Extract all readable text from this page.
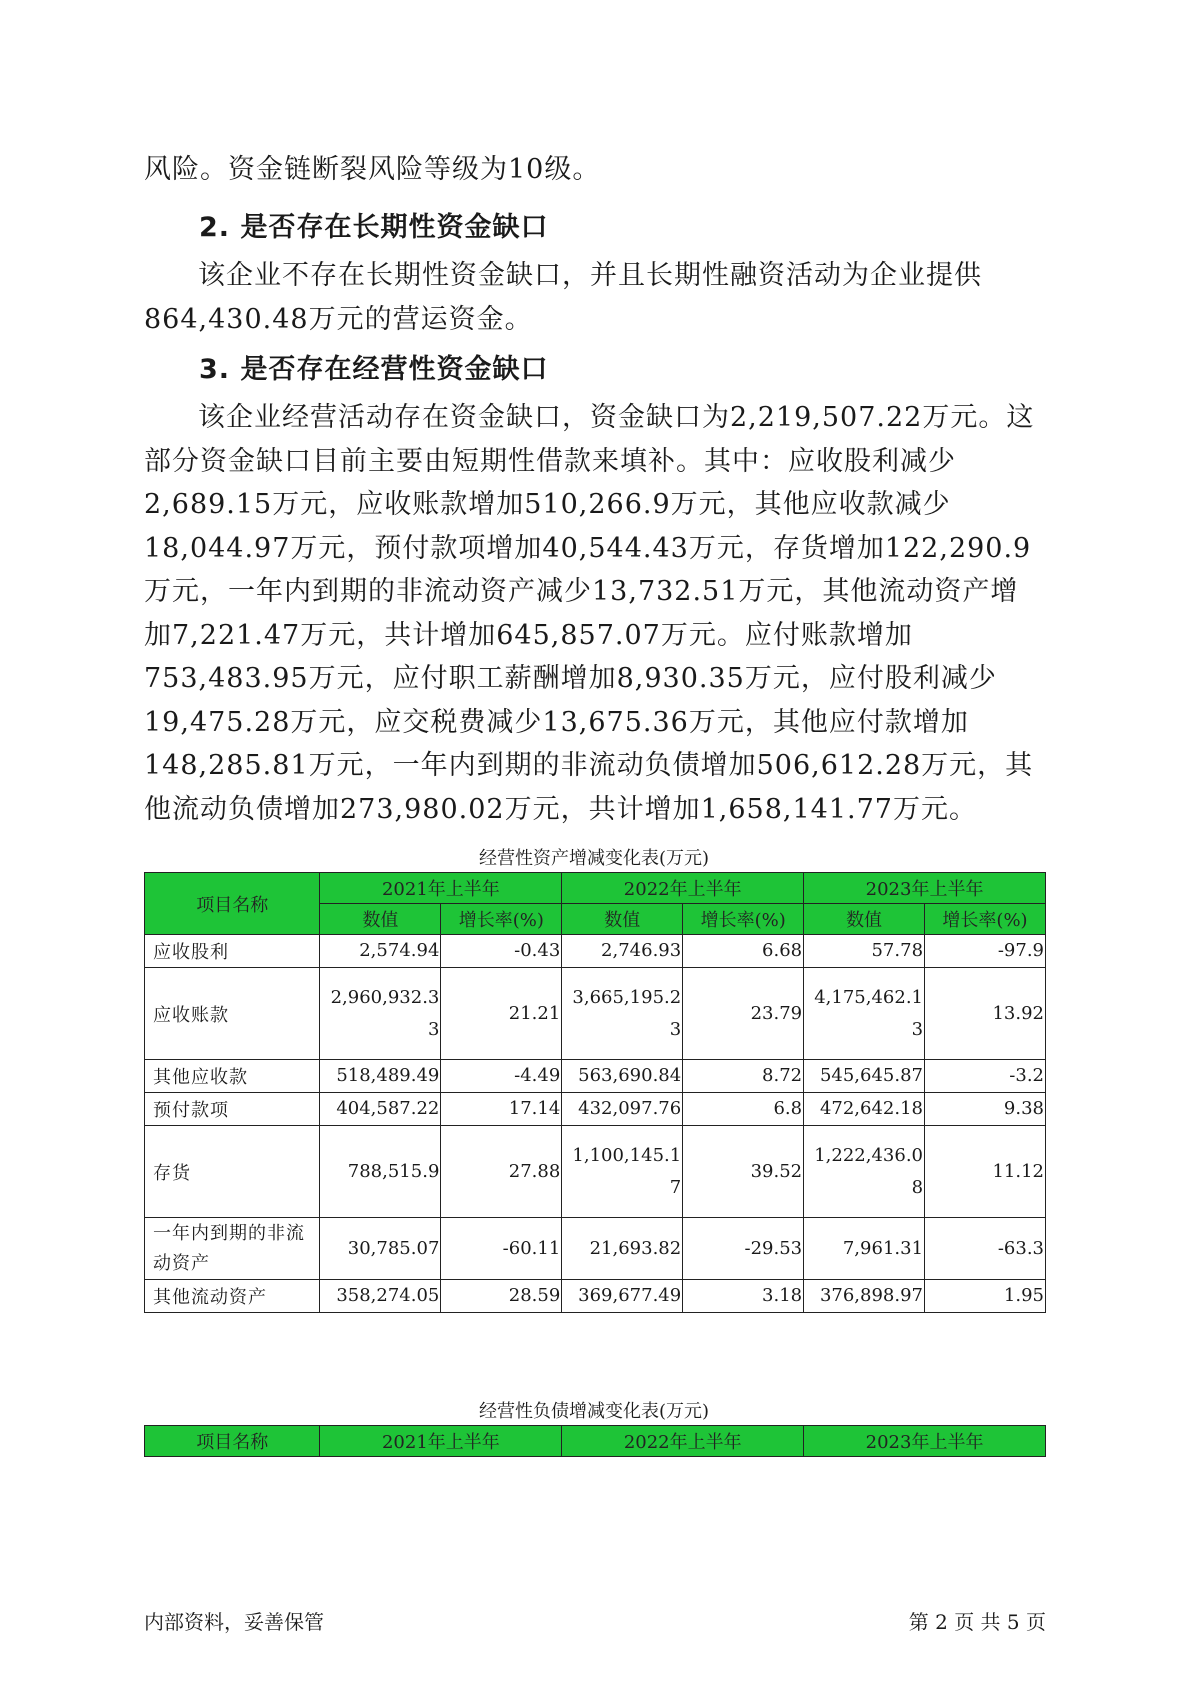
风险。资金链断裂风险等级为10级。

2. 是否存在长期性资金缺口

该企业不存在长期性资金缺口，并且长期性融资活动为企业提供864,430.48万元的营运资金。

3. 是否存在经营性资金缺口

该企业经营活动存在资金缺口，资金缺口为2,219,507.22万元。这部分资金缺口目前主要由短期性借款来填补。其中：应收股利减少2,689.15万元，应收账款增加510,266.9万元，其他应收款减少18,044.97万元，预付款项增加40,544.43万元，存货增加122,290.9万元，一年内到期的非流动资产减少13,732.51万元，其他流动资产增加7,221.47万元，共计增加645,857.07万元。应付账款增加753,483.95万元，应付职工薪酬增加8,930.35万元，应付股利减少19,475.28万元，应交税费减少13,675.36万元，其他应付款增加148,285.81万元，一年内到期的非流动负债增加506,612.28万元，其他流动负债增加273,980.02万元，共计增加1,658,141.77万元。

经营性资产增减变化表(万元)

项目名称	2021年上半年		2022年上半年		2023年上半年	
	数值	增长率(%)	数值	增长率(%)	数值	增长率(%)
应收股利	2,574.94	-0.43	2,746.93	6.68	57.78	-97.9
应收账款	2,960,932.33	21.21	3,665,195.23	23.79	4,175,462.13	13.92
其他应收款	518,489.49	-4.49	563,690.84	8.72	545,645.87	-3.2
预付款项	404,587.22	17.14	432,097.76	6.8	472,642.18	9.38
存货	788,515.9	27.88	1,100,145.17	39.52	1,222,436.08	11.12
一年内到期的非流动资产	30,785.07	-60.11	21,693.82	-29.53	7,961.31	-63.3
其他流动资产	358,274.05	28.59	369,677.49	3.18	376,898.97	1.95

经营性负债增减变化表(万元)

项目名称	2021年上半年	2022年上半年	2023年上半年

内部资料，妥善保管	第 2 页 共 5 页
